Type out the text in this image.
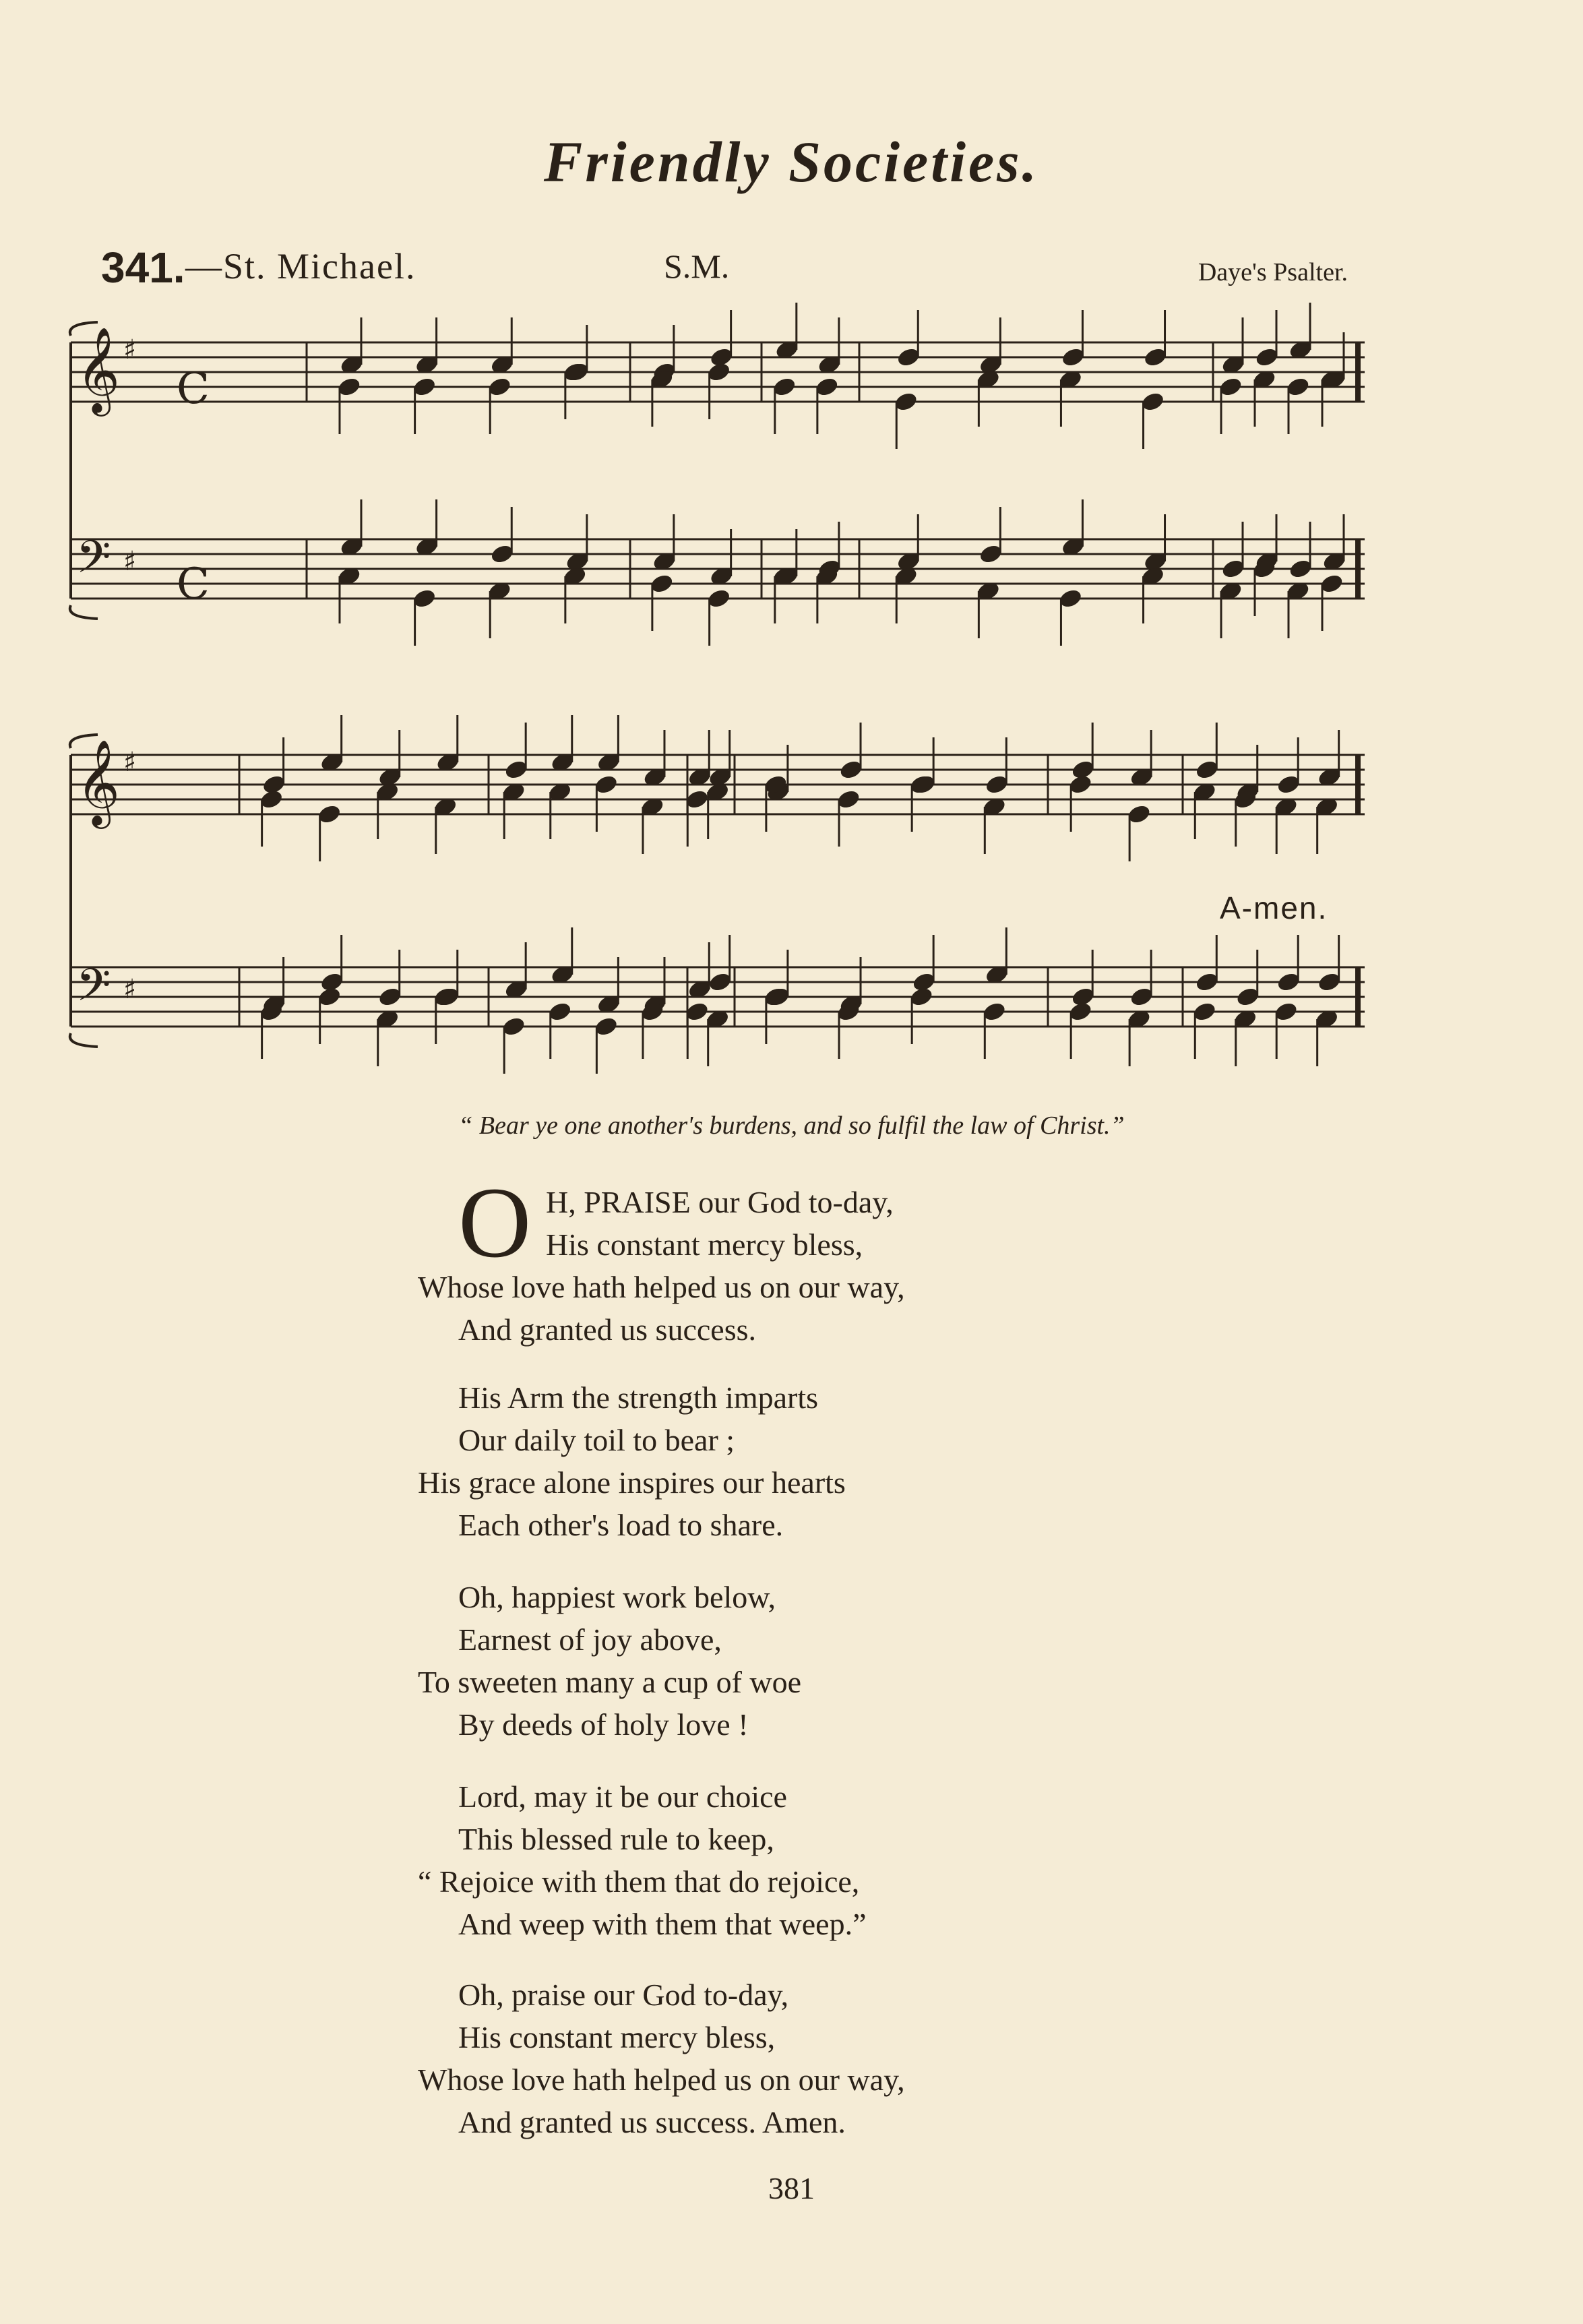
Friendly Societies.
341. —St. Michael.	S.M.	Daye's Psalter.
𝄞
𝄢
♯
♯
𝄞
𝄢
♯
♯
C
C
A-men.
“ Bear ye one another's burdens, and so fulfil the law of Christ.”
O H, PRAISE our God to-day,
His constant mercy bless,
Whose love hath helped us on our way,
And granted us success.
His Arm the strength imparts
Our daily toil to bear ;
His grace alone inspires our hearts
Each other's load to share.
Oh, happiest work below,
Earnest of joy above,
To sweeten many a cup of woe
By deeds of holy love !
Lord, may it be our choice
This blessed rule to keep,
“ Rejoice with them that do rejoice,
And weep with them that weep.”
Oh, praise our God to-day,
His constant mercy bless,
Whose love hath helped us on our way,
And granted us success. Amen.
381
